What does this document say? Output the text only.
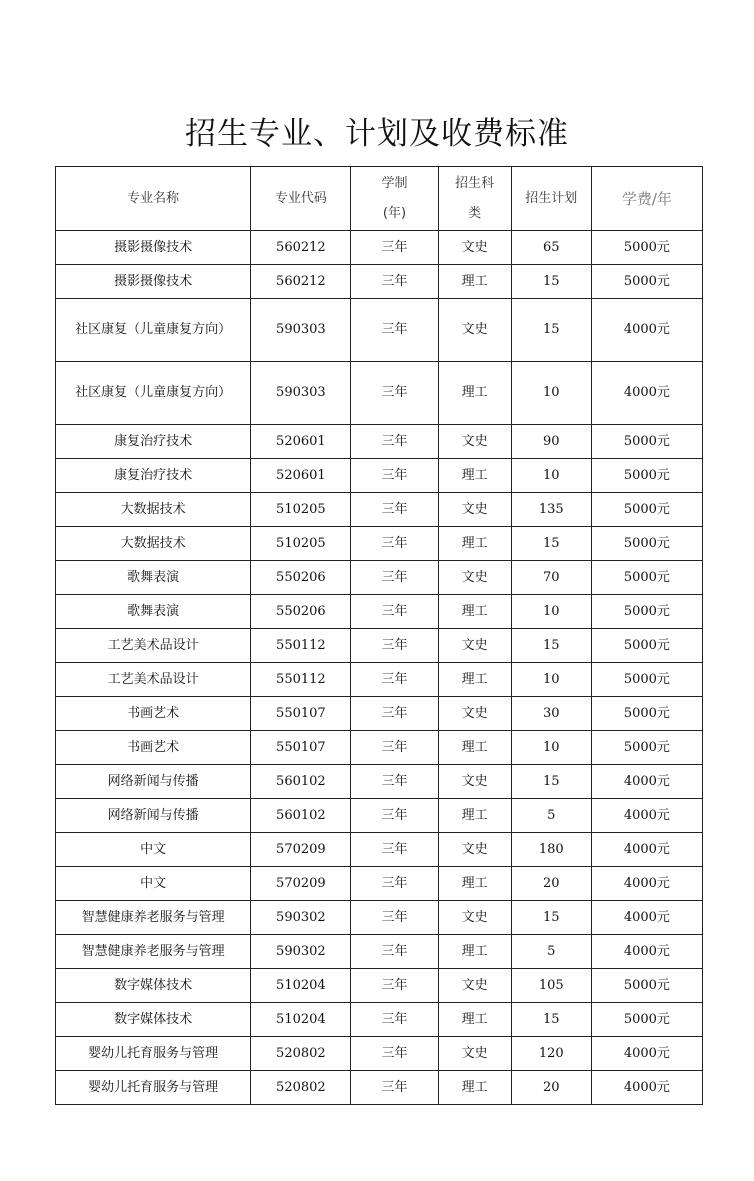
招生专业、计划及收费标准
专业名称	专业代码	学制(年)	招生科类	招生计划	学费/年
摄影摄像技术	560212	三年	文史	65	5000元
摄影摄像技术	560212	三年	理工	15	5000元
社区康复（儿童康复方向）	590303	三年	文史	15	4000元
社区康复（儿童康复方向）	590303	三年	理工	10	4000元
康复治疗技术	520601	三年	文史	90	5000元
康复治疗技术	520601	三年	理工	10	5000元
大数据技术	510205	三年	文史	135	5000元
大数据技术	510205	三年	理工	15	5000元
歌舞表演	550206	三年	文史	70	5000元
歌舞表演	550206	三年	理工	10	5000元
工艺美术品设计	550112	三年	文史	15	5000元
工艺美术品设计	550112	三年	理工	10	5000元
书画艺术	550107	三年	文史	30	5000元
书画艺术	550107	三年	理工	10	5000元
网络新闻与传播	560102	三年	文史	15	4000元
网络新闻与传播	560102	三年	理工	5	4000元
中文	570209	三年	文史	180	4000元
中文	570209	三年	理工	20	4000元
智慧健康养老服务与管理	590302	三年	文史	15	4000元
智慧健康养老服务与管理	590302	三年	理工	5	4000元
数字媒体技术	510204	三年	文史	105	5000元
数字媒体技术	510204	三年	理工	15	5000元
婴幼儿托育服务与管理	520802	三年	文史	120	4000元
婴幼儿托育服务与管理	520802	三年	理工	20	4000元
